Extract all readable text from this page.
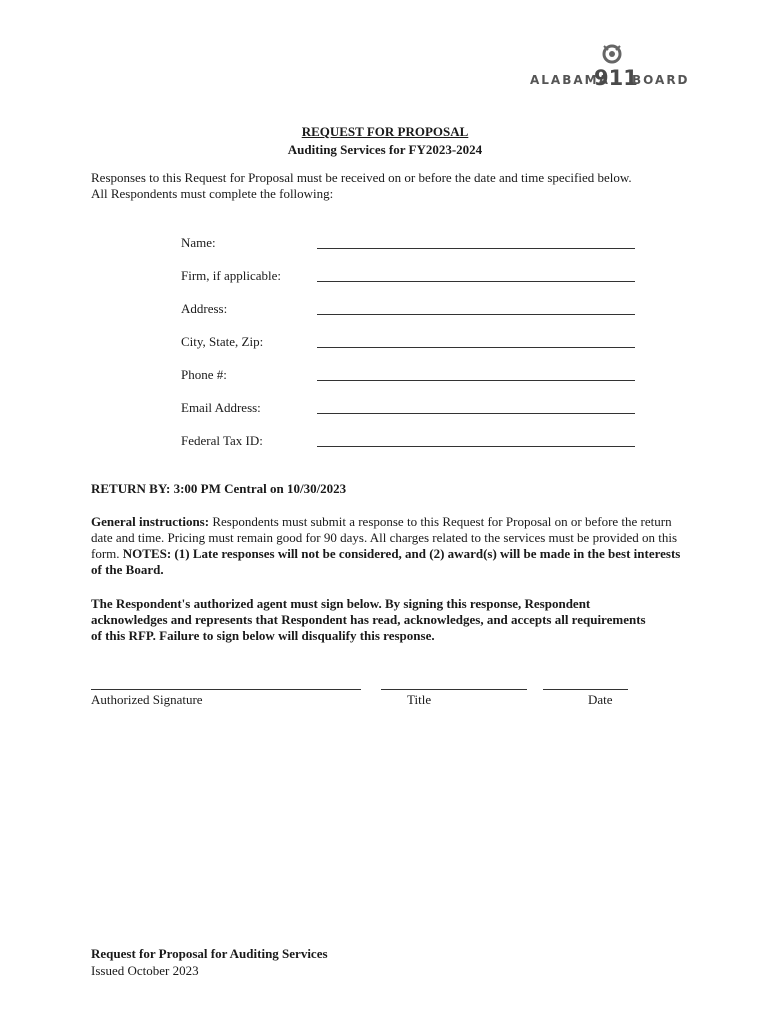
ALABAMA
911
BOARD
REQUEST FOR PROPOSAL
Auditing Services for FY2023-2024
Responses to this Request for Proposal must be received on or before the date and time specified below.
All Respondents must complete the following:
Name:
Firm, if applicable:
Address:
City, State, Zip:
Phone #:
Email Address:
Federal Tax ID:
RETURN BY: 3:00 PM Central on 10/30/2023
General instructions: Respondents must submit a response to this Request for Proposal on or before the return date and time. Pricing must remain good for 90 days. All charges related to the services must be provided on this form. NOTES: (1) Late responses will not be considered, and (2) award(s) will be made in the best interests of the Board.
The Respondent's authorized agent must sign below. By signing this response, Respondent acknowledges and represents that Respondent has read, acknowledges, and accepts all requirements of this RFP. Failure to sign below will disqualify this response.
Authorized Signature	Title	Date
Request for Proposal for Auditing Services
Issued October 2023
